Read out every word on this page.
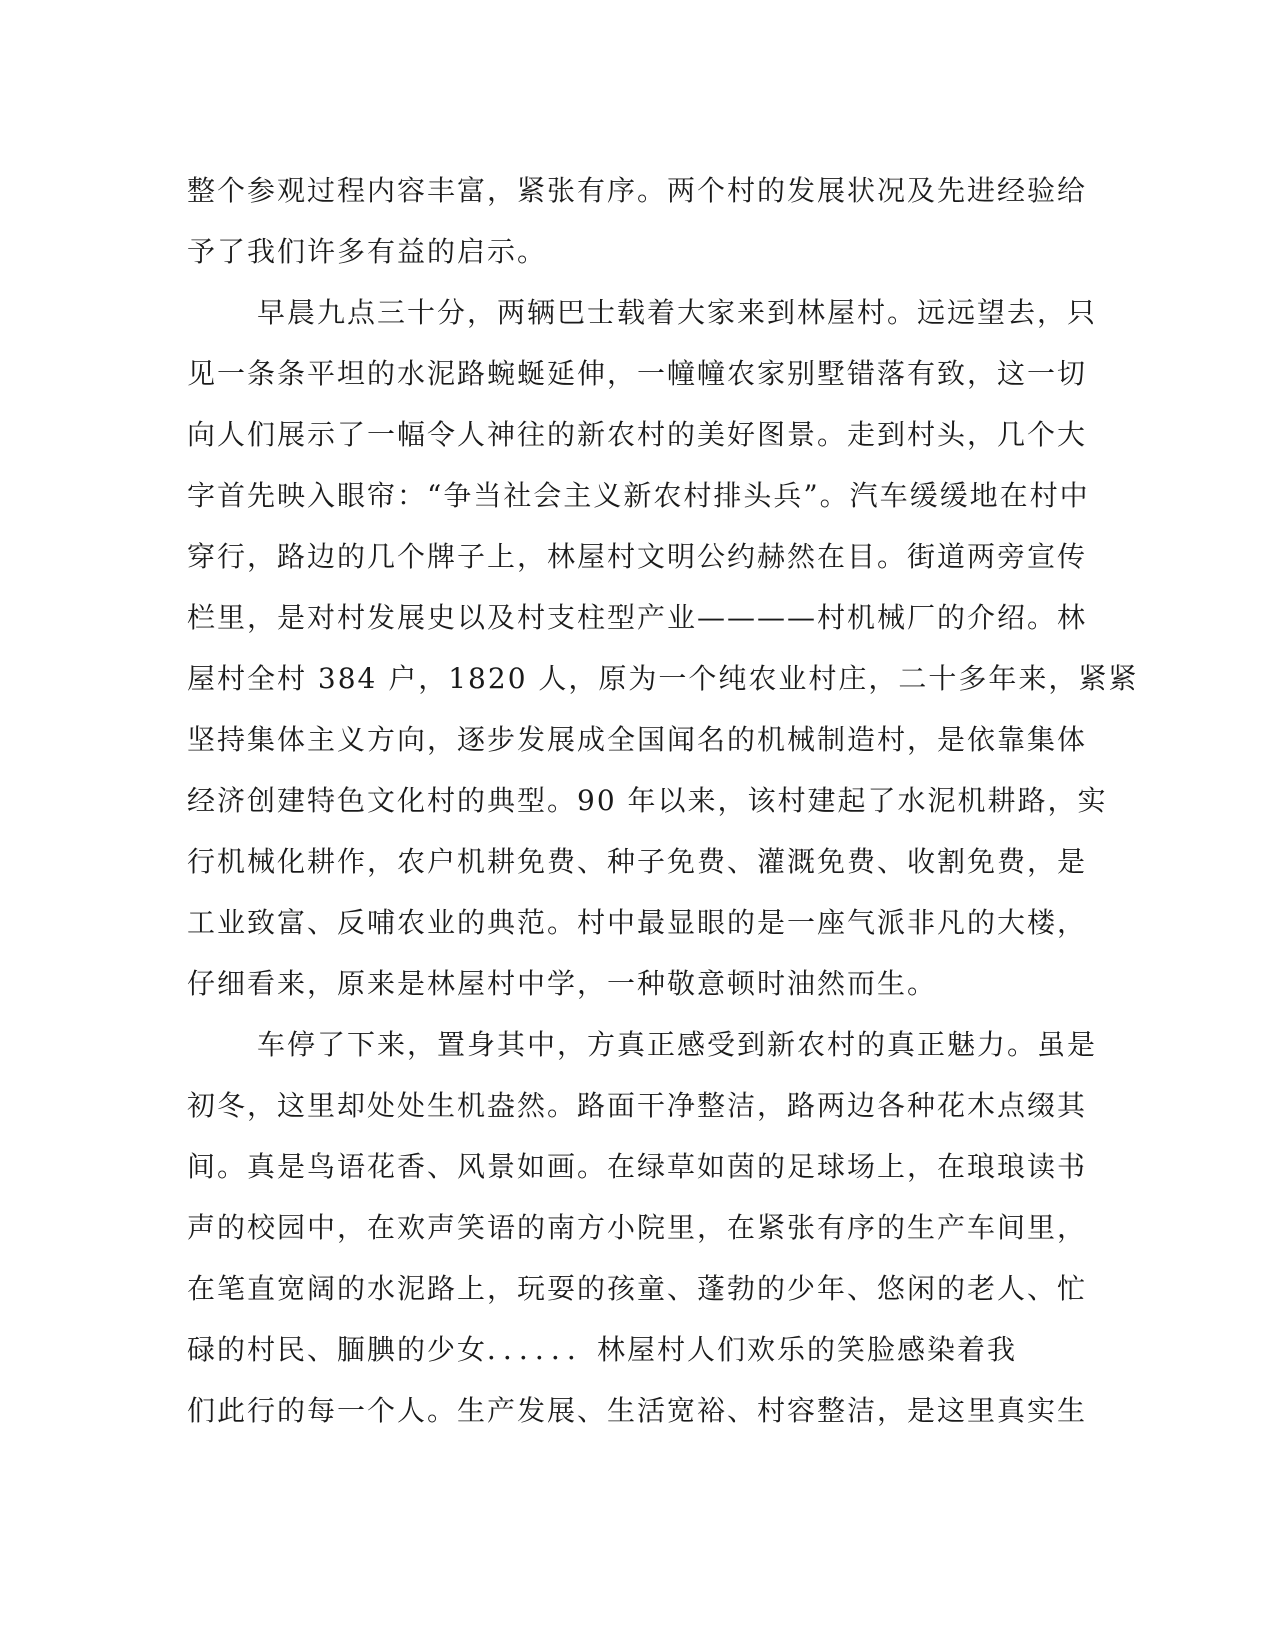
整个参观过程内容丰富，紧张有序。两个村的发展状况及先进经验给
予了我们许多有益的启示。
早晨九点三十分，两辆巴士载着大家来到林屋村。远远望去，只
见一条条平坦的水泥路蜿蜒延伸，一幢幢农家别墅错落有致，这一切
向人们展示了一幅令人神往的新农村的美好图景。走到村头，几个大
字首先映入眼帘：“争当社会主义新农村排头兵”。汽车缓缓地在村中
穿行，路边的几个牌子上，林屋村文明公约赫然在目。街道两旁宣传
栏里，是对村发展史以及村支柱型产业————村机械厂的介绍。林
屋村全村 384 户，1820 人，原为一个纯农业村庄，二十多年来，紧紧
坚持集体主义方向，逐步发展成全国闻名的机械制造村，是依靠集体
经济创建特色文化村的典型。90 年以来，该村建起了水泥机耕路，实
行机械化耕作，农户机耕免费、种子免费、灌溉免费、收割免费，是
工业致富、反哺农业的典范。村中最显眼的是一座气派非凡的大楼，
仔细看来，原来是林屋村中学，一种敬意顿时油然而生。
车停了下来，置身其中，方真正感受到新农村的真正魅力。虽是
初冬，这里却处处生机盎然。路面干净整洁，路两边各种花木点缀其
间。真是鸟语花香、风景如画。在绿草如茵的足球场上，在琅琅读书
声的校园中，在欢声笑语的南方小院里，在紧张有序的生产车间里，
在笔直宽阔的水泥路上，玩耍的孩童、蓬勃的少年、悠闲的老人、忙
碌的村民、腼腆的少女．．．．．．林屋村人们欢乐的笑脸感染着我
们此行的每一个人。生产发展、生活宽裕、村容整洁，是这里真实生
